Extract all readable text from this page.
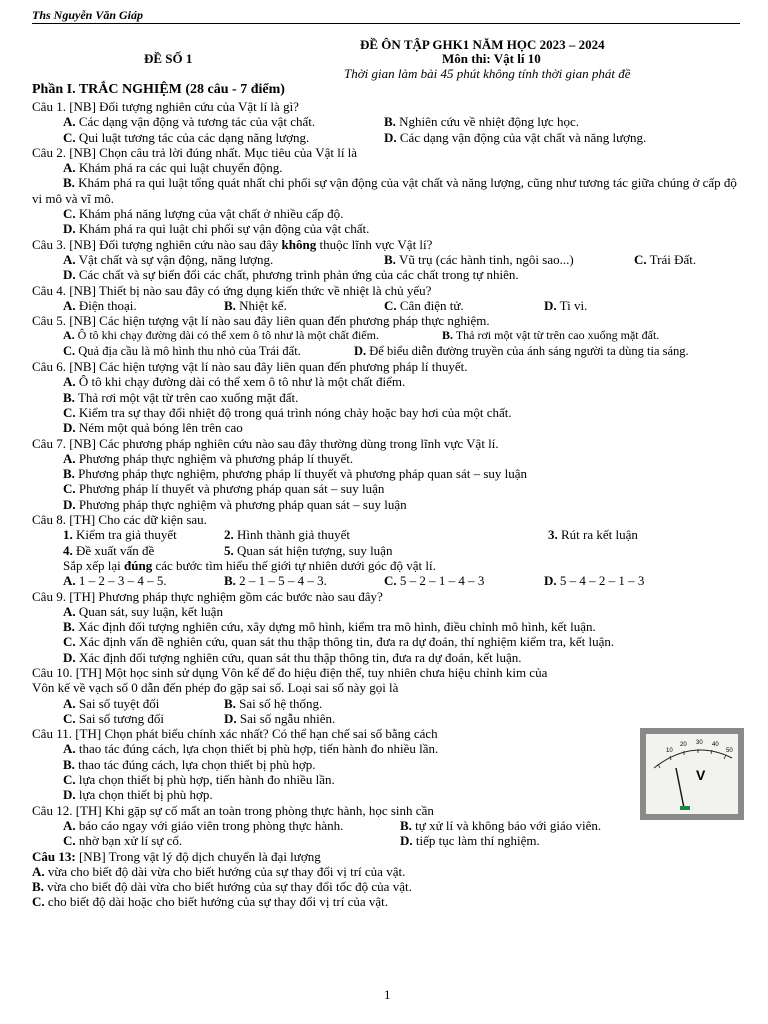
Ths Nguyễn Văn Giáp
ĐỀ ÔN TẬP GHK1 NĂM HỌC 2023 – 2024
ĐỀ SỐ 1	Môn thi: Vật lí 10
Thời gian làm bài 45 phút không tính thời gian phát đề
Phần I. TRẮC NGHIỆM (28 câu - 7 điểm)
Câu 1. [NB] Đối tượng nghiên cứu của Vật lí là gì?
A. Các dạng vận động và tương tác của vật chất.	B. Nghiên cứu về nhiệt động lực học.
C. Qui luật tương tác của các dạng năng lượng.	D. Các dạng vận động của vật chất và năng lượng.
Câu 2. [NB] Chọn câu trả lời đúng nhất. Mục tiêu của Vật lí là
A. Khám phá ra các qui luật chuyển động.
B. Khám phá ra qui luật tổng quát nhất chi phối sự vận động của vật chất và năng lượng, cũng như tương tác giữa chúng ở cấp độ vi mô và vĩ mô.
C. Khám phá năng lượng của vật chất ở nhiều cấp độ.
D. Khám phá ra qui luật chi phối sự vận động của vật chất.
Câu 3. [NB] Đối tượng nghiên cứu nào sau đây không thuộc lĩnh vực Vật lí?
A. Vật chất và sự vận động, năng lượng.	B. Vũ trụ (các hành tinh, ngôi sao...)	C. Trái Đất.
D. Các chất và sự biến đổi các chất, phương trình phản ứng của các chất trong tự nhiên.
Câu 4. [NB] Thiết bị nào sau đây có ứng dụng kiến thức về nhiệt là chủ yếu?
A. Điện thoại.	B. Nhiệt kế.	C. Cân điện tử.	D. Ti vi.
Câu 5. [NB] Các hiện tượng vật lí nào sau đây liên quan đến phương pháp thực nghiệm.
A. Ô tô khi chạy đường dài có thể xem ô tô như là một chất điểm.	B. Thả rơi một vật từ trên cao xuống mặt đất.
C. Quả địa cầu là mô hình thu nhỏ của Trái đất.	D. Để biểu diễn đường truyền của ánh sáng người ta dùng tia sáng.
Câu 6. [NB] Các hiện tượng vật lí nào sau đây liên quan đến phương pháp lí thuyết.
A. Ô tô khi chạy đường dài có thể xem ô tô như là một chất điểm.
B. Thả rơi một vật từ trên cao xuống mặt đất.
C. Kiểm tra sự thay đổi nhiệt độ trong quá trình nóng chảy hoặc bay hơi của một chất.
D. Ném một quả bóng lên trên cao
Câu 7. [NB] Các phương pháp nghiên cứu nào sau đây thường dùng trong lĩnh vực Vật lí.
A. Phương pháp thực nghiệm và phương pháp lí thuyết.
B. Phương pháp thực nghiệm, phương pháp lí thuyết và phương pháp quan sát – suy luận
C. Phương pháp lí thuyết và phương pháp quan sát – suy luận
D. Phương pháp thực nghiệm và phương pháp quan sát – suy luận
Câu 8. [TH] Cho các dữ kiện sau.
1. Kiểm tra giả thuyết	2. Hình thành giả thuyết	3. Rút ra kết luận
4. Đề xuất vấn đề	5. Quan sát hiện tượng, suy luận
Sắp xếp lại đúng các bước tìm hiểu thế giới tự nhiên dưới góc độ vật lí.
A. 1 – 2 – 3 – 4 – 5.	B. 2 – 1 – 5 – 4 – 3.	C. 5 – 2 – 1 – 4 – 3	D. 5 – 4 – 2 – 1 – 3
Câu 9. [TH] Phương pháp thực nghiệm gồm các bước nào sau đây?
A. Quan sát, suy luận, kết luận
B. Xác định đối tượng nghiên cứu, xây dựng mô hình, kiểm tra mô hình, điều chỉnh mô hình, kết luận.
C. Xác định vấn đề nghiên cứu, quan sát thu thập thông tin, đưa ra dự đoán, thí nghiệm kiểm tra, kết luận.
D. Xác định đối tượng nghiên cứu, quan sát thu thập thông tin, đưa ra dự đoán, kết luận.
Câu 10. [TH] Một học sinh sử dụng Vôn kế để đo hiệu điện thế, tuy nhiên chưa hiệu chỉnh kim của
Vôn kế về vạch số 0 dẫn đến phép đo gặp sai số. Loại sai số này gọi là
A. Sai số tuyệt đối	B. Sai số hệ thống.
C. Sai số tương đối	D. Sai số ngẫu nhiên.
Câu 11. [TH] Chọn phát biểu chính xác nhất? Có thể hạn chế sai số bằng cách
A. thao tác đúng cách, lựa chọn thiết bị phù hợp, tiến hành đo nhiều lần.
B. thao tác đúng cách, lựa chọn thiết bị phù hợp.
C. lựa chọn thiết bị phù hợp, tiến hành đo nhiều lần.
D. lựa chọn thiết bị phù hợp.
Câu 12. [TH] Khi gặp sự cố mất an toàn trong phòng thực hành, học sinh cần
A. báo cáo ngay với giáo viên trong phòng thực hành.	B. tự xử lí và không báo với giáo viên.
C. nhờ bạn xử lí sự cố.	D. tiếp tục làm thí nghiệm.
Câu 13: [NB] Trong vật lý độ dịch chuyển là đại lượng
A. vừa cho biết độ dài vừa cho biết hướng của sự thay đổi vị trí của vật.
B. vừa cho biết độ dài vừa cho biết hướng của sự thay đổi tốc độ của vật.
C. cho biết độ dài hoặc cho biết hướng của sự thay đổi vị trí của vật.
10
20 30 40
50
V
1
